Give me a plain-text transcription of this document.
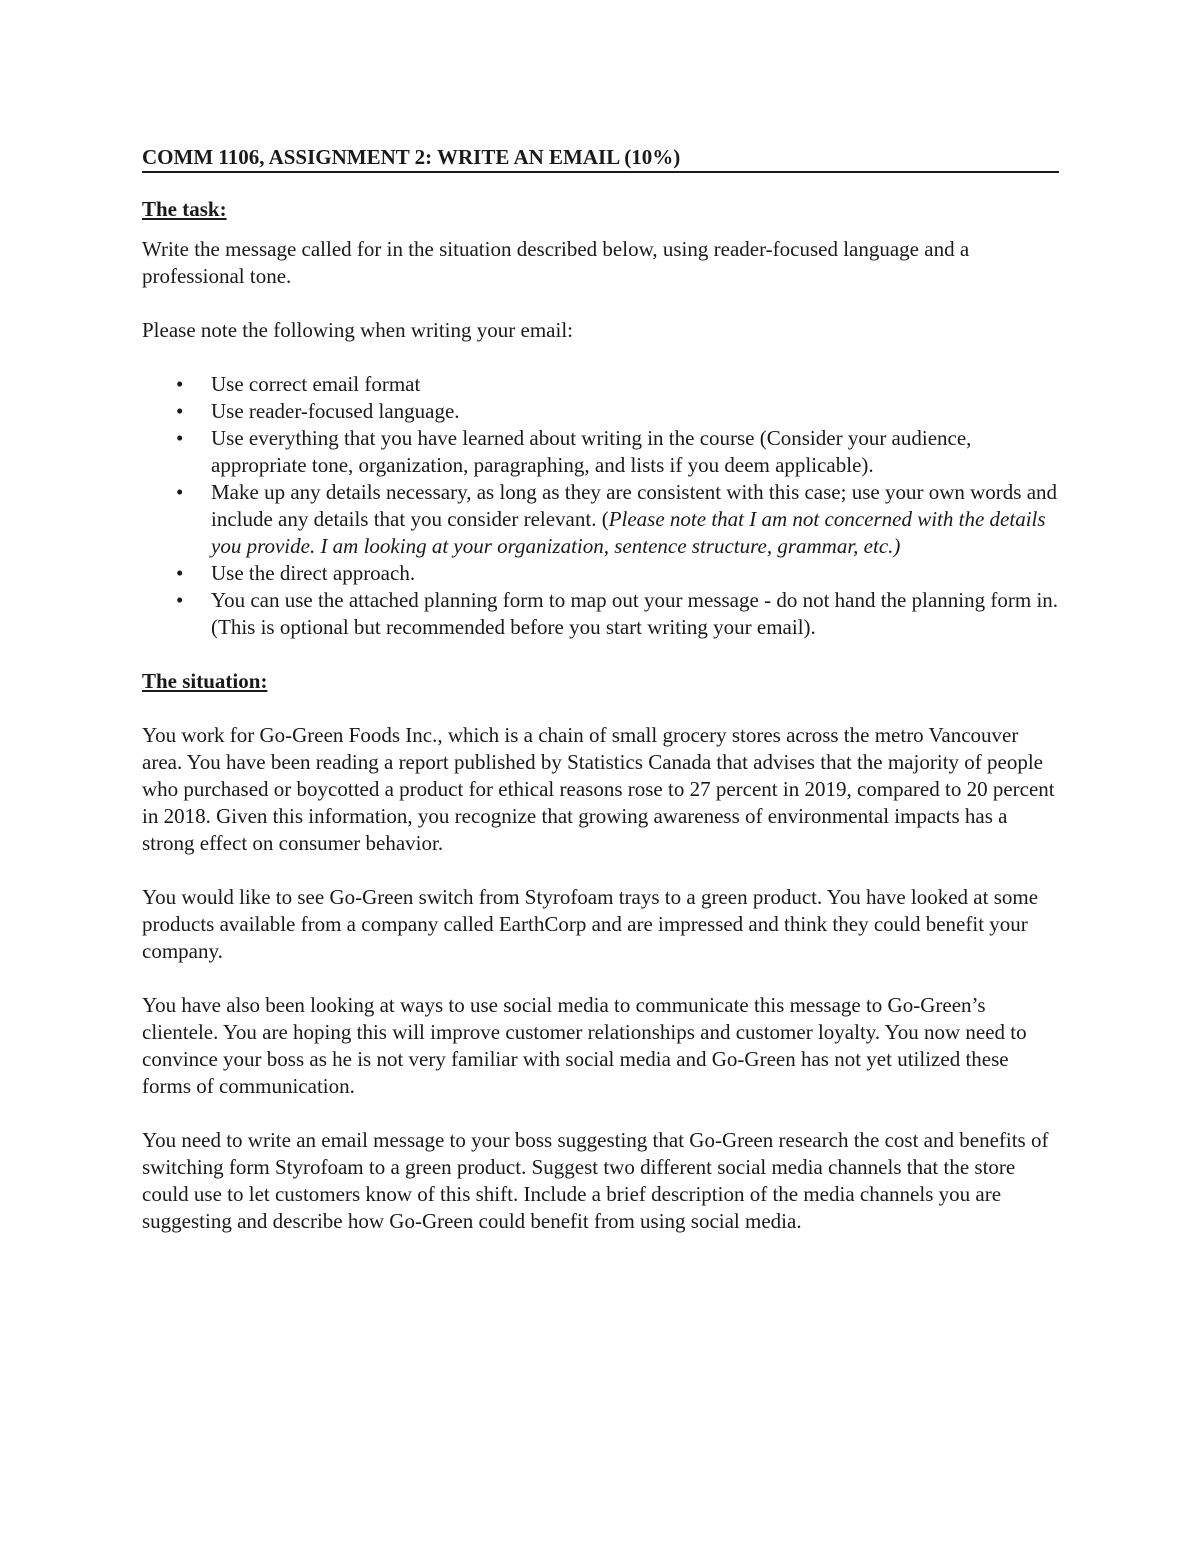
COMM 1106, ASSIGNMENT 2: WRITE AN EMAIL (10%)
The task:

Write the message called for in the situation described below, using reader-focused language and a professional tone.

Please note the following when writing your email:

• Use correct email format
• Use reader-focused language.
• Use everything that you have learned about writing in the course (Consider your audience, appropriate tone, organization, paragraphing, and lists if you deem applicable).
• Make up any details necessary, as long as they are consistent with this case; use your own words and include any details that you consider relevant. (Please note that I am not concerned with the details you provide. I am looking at your organization, sentence structure, grammar, etc.)
• Use the direct approach.
• You can use the attached planning form to map out your message - do not hand the planning form in. (This is optional but recommended before you start writing your email).
The situation:

You work for Go-Green Foods Inc., which is a chain of small grocery stores across the metro Vancouver area. You have been reading a report published by Statistics Canada that advises that the majority of people who purchased or boycotted a product for ethical reasons rose to 27 percent in 2019, compared to 20 percent in 2018. Given this information, you recognize that growing awareness of environmental impacts has a strong effect on consumer behavior.

You would like to see Go-Green switch from Styrofoam trays to a green product. You have looked at some products available from a company called EarthCorp and are impressed and think they could benefit your company.

You have also been looking at ways to use social media to communicate this message to Go-Green’s clientele. You are hoping this will improve customer relationships and customer loyalty. You now need to convince your boss as he is not very familiar with social media and Go-Green has not yet utilized these forms of communication.

You need to write an email message to your boss suggesting that Go-Green research the cost and benefits of switching form Styrofoam to a green product. Suggest two different social media channels that the store could use to let customers know of this shift. Include a brief description of the media channels you are suggesting and describe how Go-Green could benefit from using social media.
